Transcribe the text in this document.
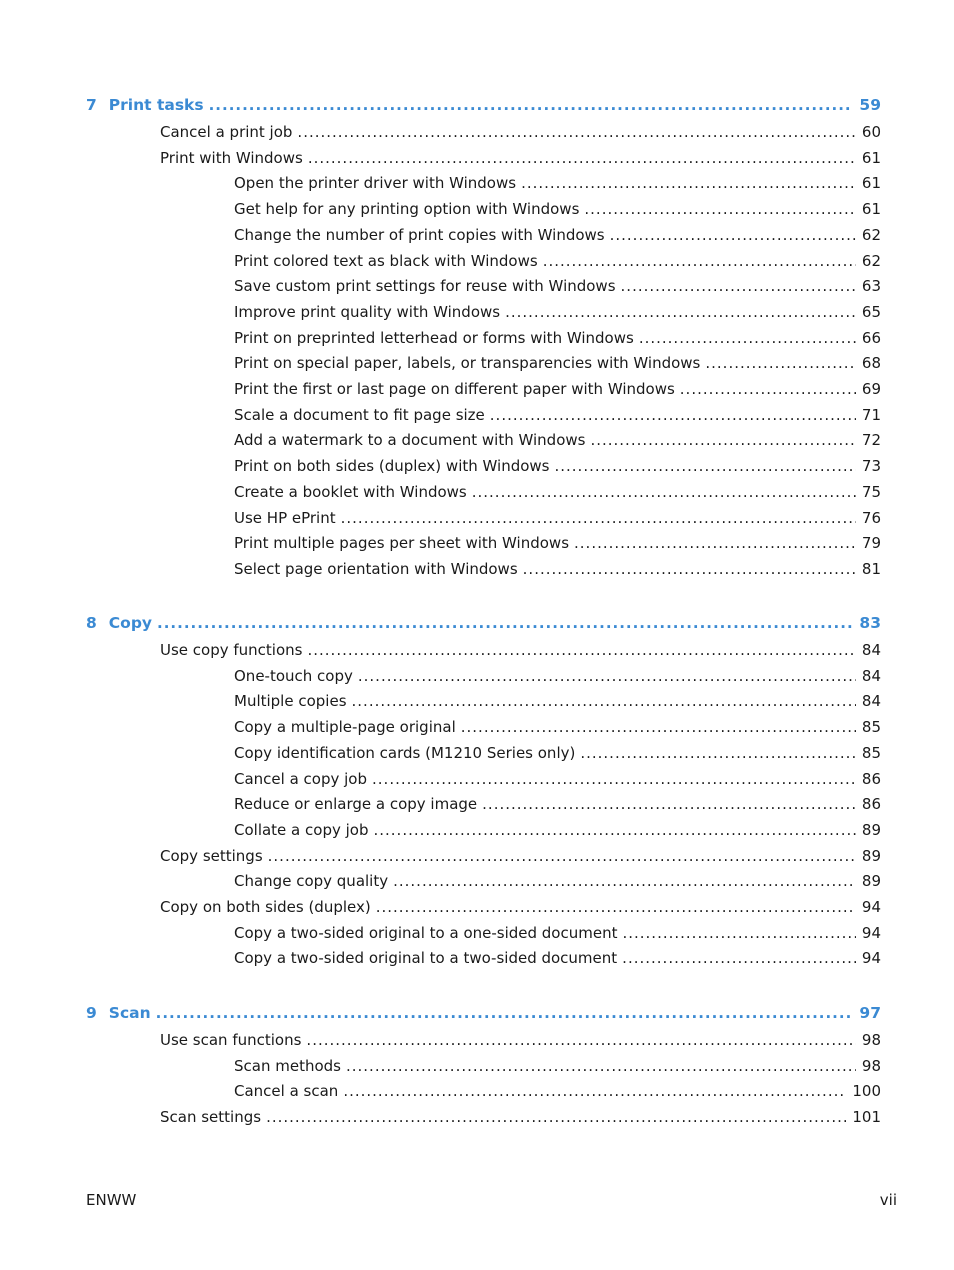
7 Print tasks .....	59
Cancel a print job .....	60
Print with Windows .....	61
Open the printer driver with Windows .....	61
Get help for any printing option with Windows .....	61
Change the number of print copies with Windows .....	62
Print colored text as black with Windows .....	62
Save custom print settings for reuse with Windows .....	63
Improve print quality with Windows .....	65
Print on preprinted letterhead or forms with Windows .....	66
Print on special paper, labels, or transparencies with Windows .....	68
Print the first or last page on different paper with Windows .....	69
Scale a document to fit page size .....	71
Add a watermark to a document with Windows .....	72
Print on both sides (duplex) with Windows .....	73
Create a booklet with Windows .....	75
Use HP ePrint .....	76
Print multiple pages per sheet with Windows .....	79
Select page orientation with Windows .....	81
8 Copy .....	83
Use copy functions .....	84
One-touch copy .....	84
Multiple copies .....	84
Copy a multiple-page original .....	85
Copy identification cards (M1210 Series only) .....	85
Cancel a copy job .....	86
Reduce or enlarge a copy image .....	86
Collate a copy job .....	89
Copy settings .....	89
Change copy quality .....	89
Copy on both sides (duplex) .....	94
Copy a two-sided original to a one-sided document .....	94
Copy a two-sided original to a two-sided document .....	94
9 Scan .....	97
Use scan functions .....	98
Scan methods .....	98
Cancel a scan .....	100
Scan settings .....	101
ENWW	vii
